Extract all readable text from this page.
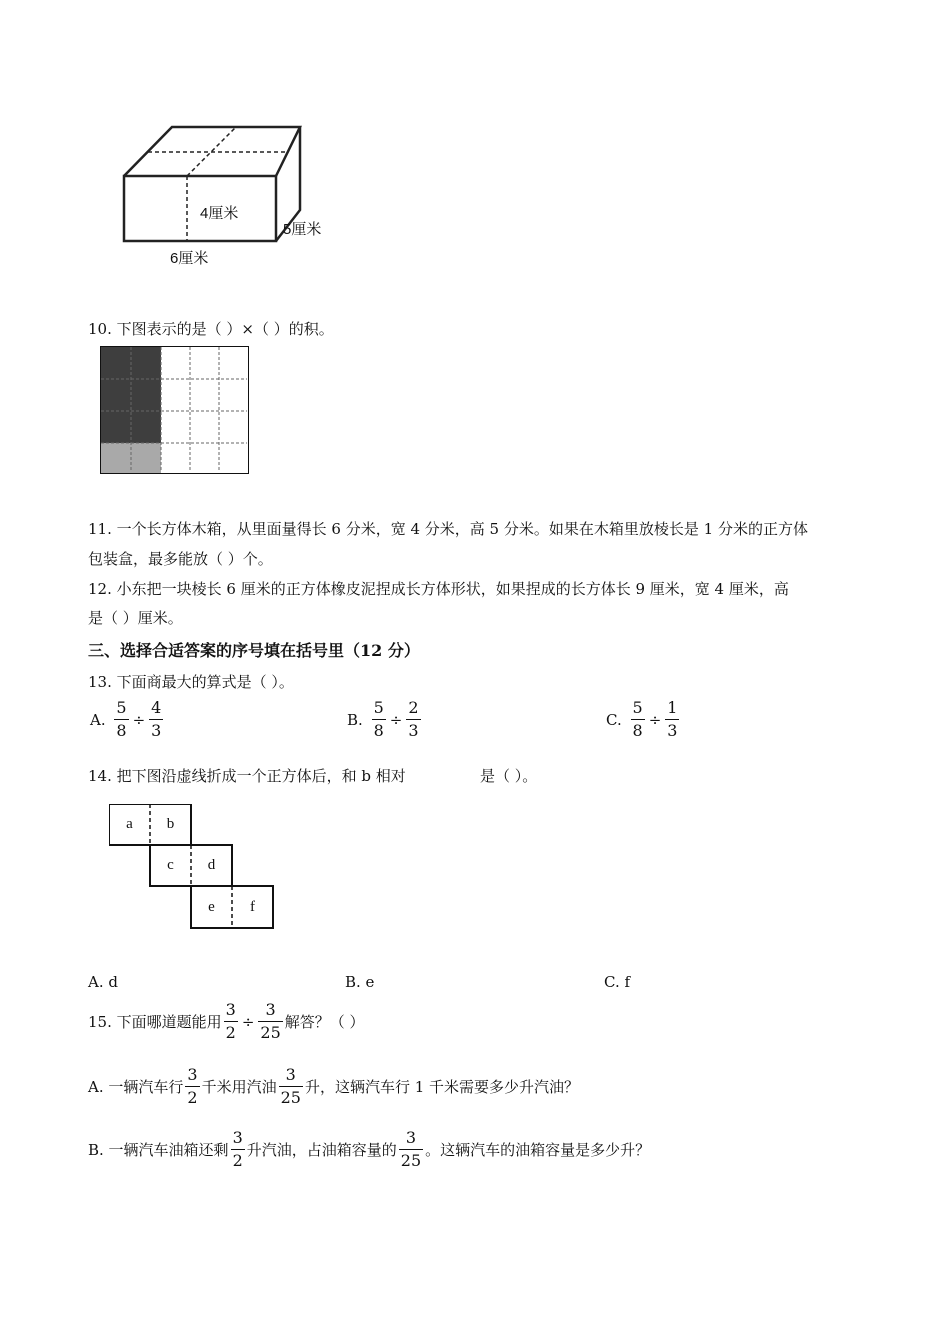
4厘米
5厘米
6厘米
10. 下图表示的是（ ）×（ ）的积。
11. 一个长方体木箱，从里面量得长 6 分米，宽 4 分米，高 5 分米。如果在木箱里放棱长是 1 分米的正方体
包装盒，最多能放（ ）个。
12. 小东把一块棱长 6 厘米的正方体橡皮泥捏成长方体形状，如果捏成的长方体长 9 厘米，宽 4 厘米，高
是（ ）厘米。
三、选择合适答案的序号填在括号里（12 分）
13. 下面商最大的算式是（ ）。
A. $\frac{5}{8} \div \frac{4}{3}$	B. $\frac{5}{8} \div \frac{2}{3}$	C. $\frac{5}{8} \div \frac{1}{3}$
14. 把下图沿虚线折成一个正方体后，和 b 相对	是（ ）。
a	b
c	d
e	f
A. d	B. e	C. f
15. 下面哪道题能用 $\frac{3}{2} \div \frac{3}{25}$ 解答？（ ）
A. 一辆汽车行 $\frac{3}{2}$ 千米用汽油 $\frac{3}{25}$ 升，这辆汽车行 1 千米需要多少升汽油？
B. 一辆汽车油箱还剩 $\frac{3}{2}$ 升汽油，占油箱容量的 $\frac{3}{25}$ 。这辆汽车的油箱容量是多少升？
